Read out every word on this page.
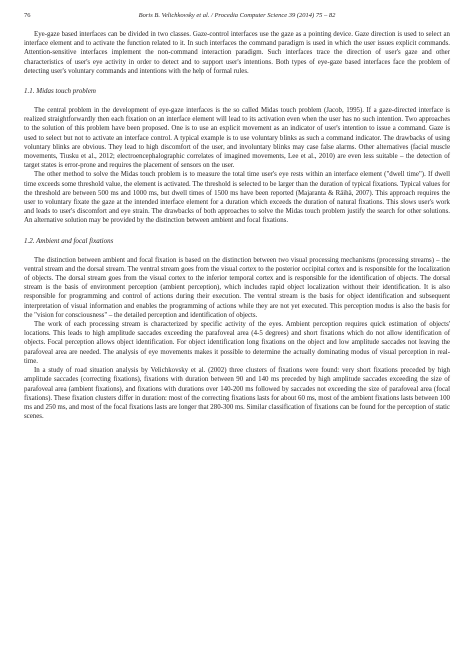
76	Boris B. Velichkovsky et al. / Procedia Computer Science 39 (2014) 75 – 82

Eye-gaze based interfaces can be divided in two classes. Gaze-control interfaces use the gaze as a pointing device. Gaze direction is used to select an interface element and to activate the function related to it. In such interfaces the command paradigm is used in which the user issues explicit commands. Attention-sensitive interfaces implement the non-command interaction paradigm. Such interfaces trace the direction of user's gaze and other characteristics of user's eye activity in order to detect and to support user's intentions. Both types of eye-gaze based interfaces face the problem of detecting user's voluntary commands and intentions with the help of formal rules.

1.1. Midas touch problem

The central problem in the development of eye-gaze interfaces is the so called Midas touch problem (Jacob, 1995). If a gaze-directed interface is realized straightforwardly then each fixation on an interface element will lead to its activation even when the user has no such intention. Two approaches to the solution of this problem have been proposed. One is to use an explicit movement as an indicator of user's intention to issue a command. Gaze is used to select but not to activate an interface control. A typical example is to use voluntary blinks as such a command indicator. The drawbacks of using voluntary blinks are obvious. They lead to high discomfort of the user, and involuntary blinks may case false alarms. Other alternatives (facial muscle movements, Tiusku et al., 2012; electroencephalographic correlates of imagined movements, Lee et al., 2010) are even less suitable – the detection of target states is error-prone and requires the placement of sensors on the user.

The other method to solve the Midas touch problem is to measure the total time user's eye rests within an interface element ("dwell time"). If dwell time exceeds some threshold value, the element is activated. The threshold is selected to be larger than the duration of typical fixations. Typical values for the threshold are between 500 ms and 1000 ms, but dwell times of 1500 ms have been reported (Majaranta & Räihä, 2007). This approach requires the user to voluntary fixate the gaze at the intended interface element for a duration which exceeds the duration of natural fixations. This slows user's work and leads to user's discomfort and eye strain. The drawbacks of both approaches to solve the Midas touch problem justify the search for other solutions. An alternative solution may be provided by the distinction between ambient and focal fixations.

1.2. Ambient and focal fixations

The distinction between ambient and focal fixation is based on the distinction between two visual processing mechanisms (processing streams) – the ventral stream and the dorsal stream. The ventral stream goes from the visual cortex to the posterior occipital cortex and is responsible for the localization of objects. The dorsal stream goes from the visual cortex to the inferior temporal cortex and is responsible for the identification of objects. The dorsal stream is the basis of environment perception (ambient perception), which includes rapid object localization without their identification. It is also responsible for programming and control of actions during their execution. The ventral stream is the basis for object identification and subsequent interpretation of visual information and enables the programming of actions while they are not yet executed. This perception modus is also the basis for the "vision for consciousness" – the detailed perception and identification of objects.

The work of each processing stream is characterized by specific activity of the eyes. Ambient perception requires quick estimation of objects' locations. This leads to high amplitude saccades exceeding the parafoveal area (4-5 degrees) and short fixations which do not allow identification of objects. Focal perception allows object identification. For object identification long fixations on the object and low amplitude saccades not leaving the parafoveal area are needed. The analysis of eye movements makes it possible to determine the actually dominating modus of visual perception in real-time.

In a study of road situation analysis by Velichkovsky et al. (2002) three clusters of fixations were found: very short fixations preceded by high amplitude saccades (correcting fixations), fixations with duration between 90 and 140 ms preceded by high amplitude saccades exceeding the size of parafoveal area (ambient fixations), and fixations with durations over 140-200 ms followed by saccades not exceeding the size of parafoveal area (focal fixations). These fixation clusters differ in duration: most of the correcting fixations lasts for about 60 ms, most of the ambient fixations lasts between 100 ms and 250 ms, and most of the focal fixations lasts are longer that 280-300 ms. Similar classification of fixations can be found for the perception of static scenes.
